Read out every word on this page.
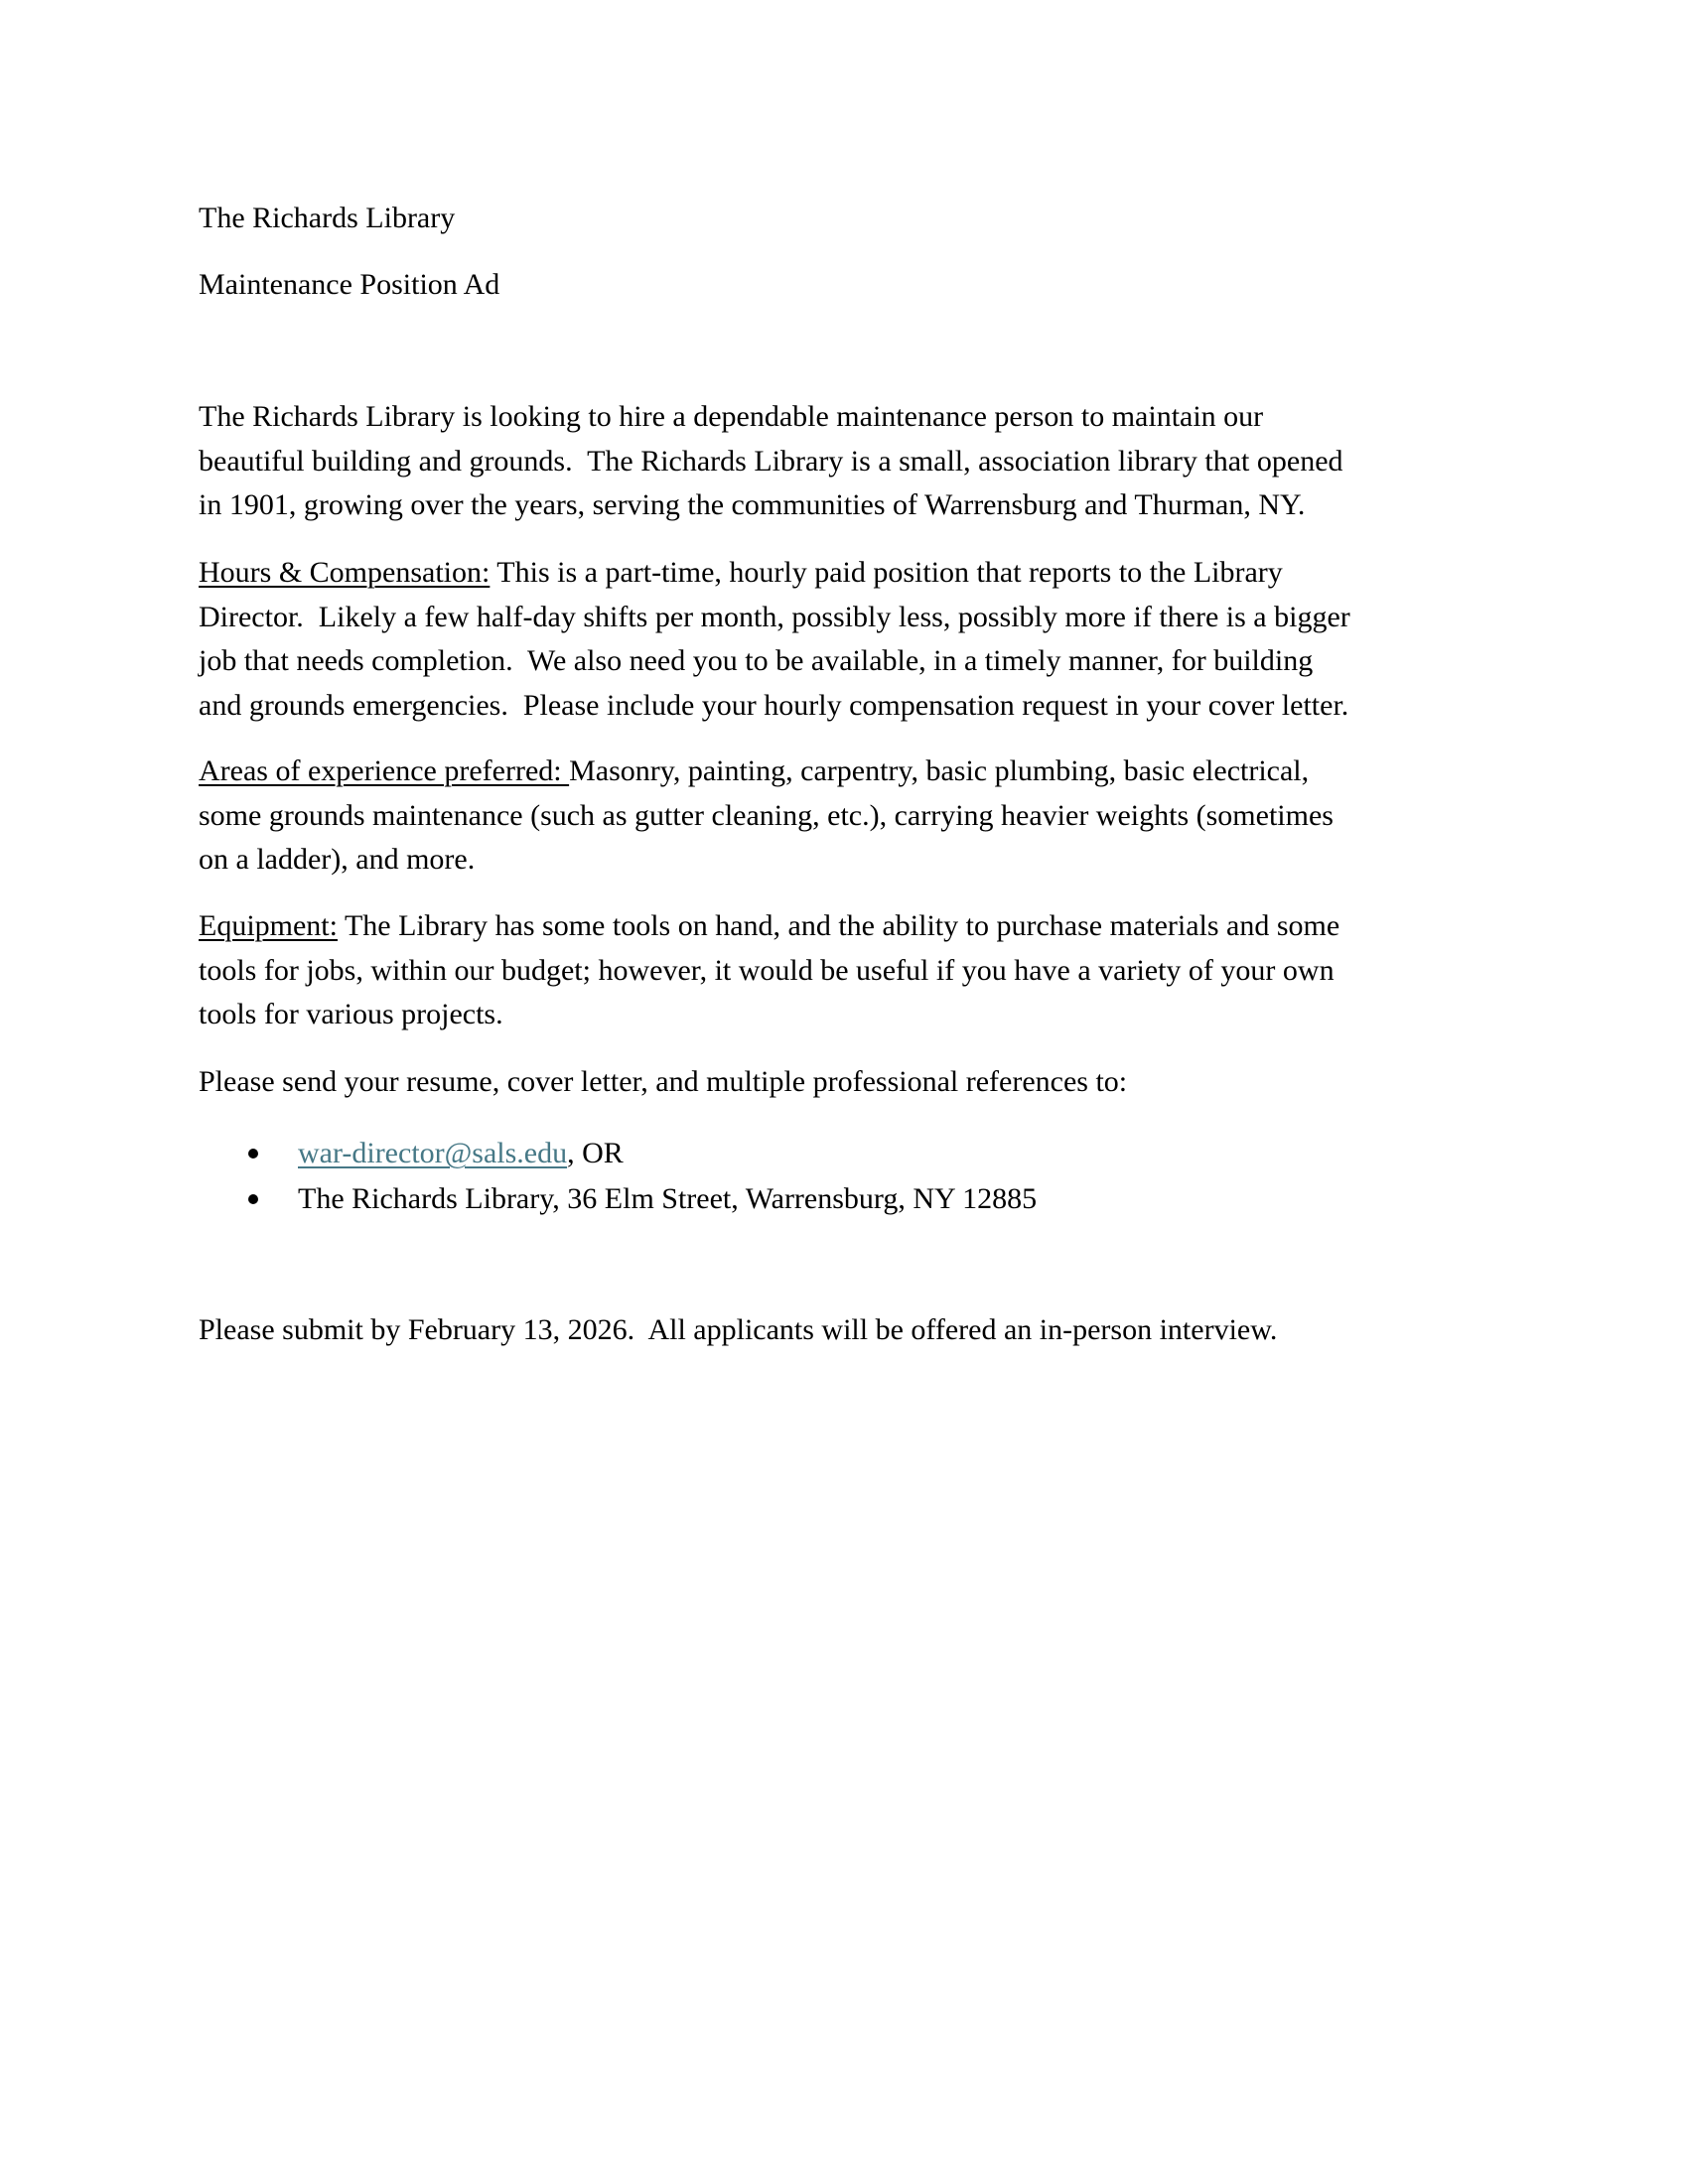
The Richards Library
Maintenance Position Ad
The Richards Library is looking to hire a dependable maintenance person to maintain our
beautiful building and grounds.  The Richards Library is a small, association library that opened
in 1901, growing over the years, serving the communities of Warrensburg and Thurman, NY.
Hours & Compensation: This is a part-time, hourly paid position that reports to the Library
Director.  Likely a few half-day shifts per month, possibly less, possibly more if there is a bigger
job that needs completion.  We also need you to be available, in a timely manner, for building
and grounds emergencies.  Please include your hourly compensation request in your cover letter.
Areas of experience preferred: Masonry, painting, carpentry, basic plumbing, basic electrical,
some grounds maintenance (such as gutter cleaning, etc.), carrying heavier weights (sometimes
on a ladder), and more.
Equipment: The Library has some tools on hand, and the ability to purchase materials and some
tools for jobs, within our budget; however, it would be useful if you have a variety of your own
tools for various projects.
Please send your resume, cover letter, and multiple professional references to:
war-director@sals.edu, OR
The Richards Library, 36 Elm Street, Warrensburg, NY 12885
Please submit by February 13, 2026.  All applicants will be offered an in-person interview.
